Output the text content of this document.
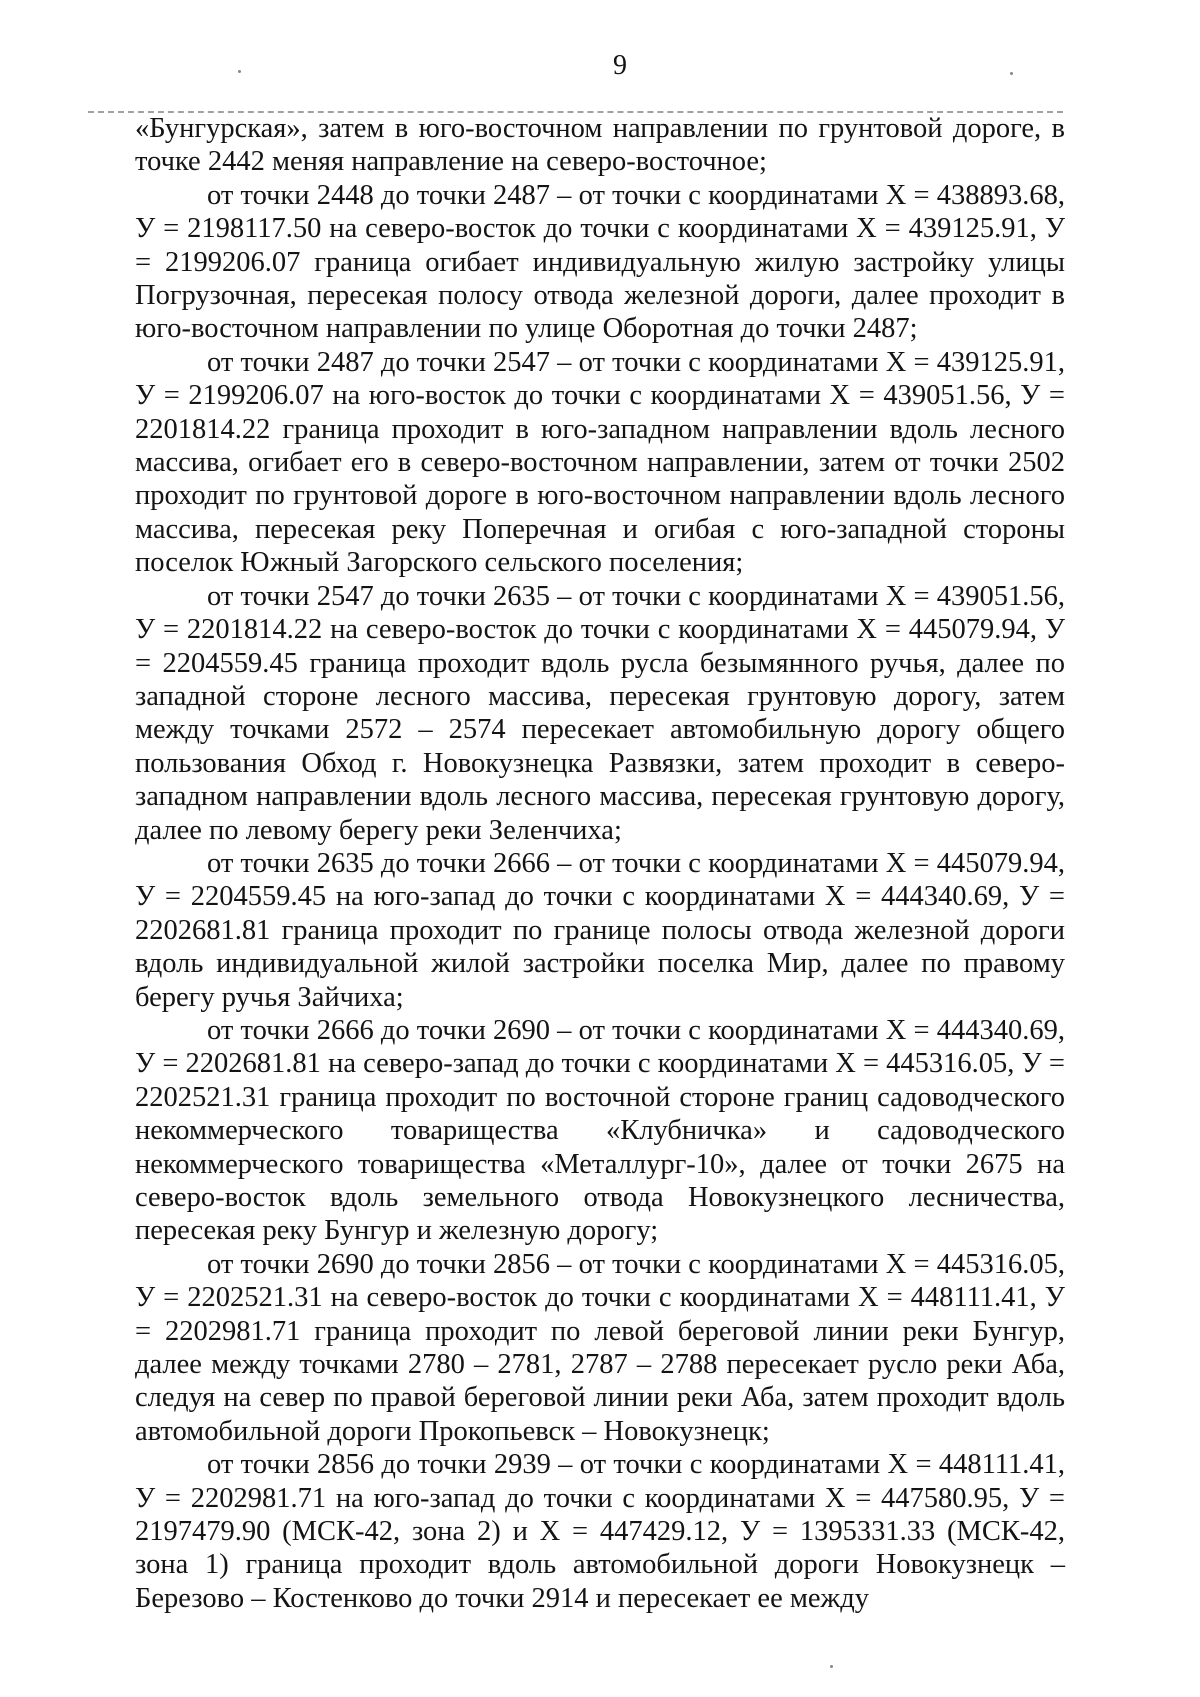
9

«Бунгурская», затем в юго-восточном направлении по грунтовой дороге, в точке 2442 меняя направление на северо-восточное;

от точки 2448 до точки 2487 – от точки с координатами Х = 438893.68, У = 2198117.50 на северо-восток до точки с координатами Х = 439125.91, У = 2199206.07 граница огибает индивидуальную жилую застройку улицы Погрузочная, пересекая полосу отвода железной дороги, далее проходит в юго-восточном направлении по улице Оборотная до точки 2487;

от точки 2487 до точки 2547 – от точки с координатами Х = 439125.91, У = 2199206.07 на юго-восток до точки с координатами Х = 439051.56, У = 2201814.22 граница проходит в юго-западном направлении вдоль лесного массива, огибает его в северо-восточном направлении, затем от точки 2502 проходит по грунтовой дороге в юго-восточном направлении вдоль лесного массива, пересекая реку Поперечная и огибая с юго-западной стороны поселок Южный Загорского сельского поселения;

от точки 2547 до точки 2635 – от точки с координатами Х = 439051.56, У = 2201814.22 на северо-восток до точки с координатами Х = 445079.94, У = 2204559.45 граница проходит вдоль русла безымянного ручья, далее по западной стороне лесного массива, пересекая грунтовую дорогу, затем между точками 2572 – 2574 пересекает автомобильную дорогу общего пользования Обход г. Новокузнецка Развязки, затем проходит в северо-западном направлении вдоль лесного массива, пересекая грунтовую дорогу, далее по левому берегу реки Зеленчиха;

от точки 2635 до точки 2666 – от точки с координатами Х = 445079.94, У = 2204559.45 на юго-запад до точки с координатами Х = 444340.69, У = 2202681.81 граница проходит по границе полосы отвода железной дороги вдоль индивидуальной жилой застройки поселка Мир, далее по правому берегу ручья Зайчиха;

от точки 2666 до точки 2690 – от точки с координатами Х = 444340.69, У = 2202681.81 на северо-запад до точки с координатами Х = 445316.05, У = 2202521.31 граница проходит по восточной стороне границ садоводческого некоммерческого товарищества «Клубничка» и садоводческого некоммерческого товарищества «Металлург-10», далее от точки 2675 на северо-восток вдоль земельного отвода Новокузнецкого лесничества, пересекая реку Бунгур и железную дорогу;

от точки 2690 до точки 2856 – от точки с координатами Х = 445316.05, У = 2202521.31 на северо-восток до точки с координатами Х = 448111.41, У = 2202981.71 граница проходит по левой береговой линии реки Бунгур, далее между точками 2780 – 2781, 2787 – 2788 пересекает русло реки Аба, следуя на север по правой береговой линии реки Аба, затем проходит вдоль автомобильной дороги Прокопьевск – Новокузнецк;

от точки 2856 до точки 2939 – от точки с координатами Х = 448111.41, У = 2202981.71 на юго-запад до точки с координатами Х = 447580.95, У = 2197479.90 (МСК-42, зона 2) и Х = 447429.12, У = 1395331.33 (МСК-42, зона 1) граница проходит вдоль автомобильной дороги Новокузнецк – Березово – Костенково до точки 2914 и пересекает ее между
